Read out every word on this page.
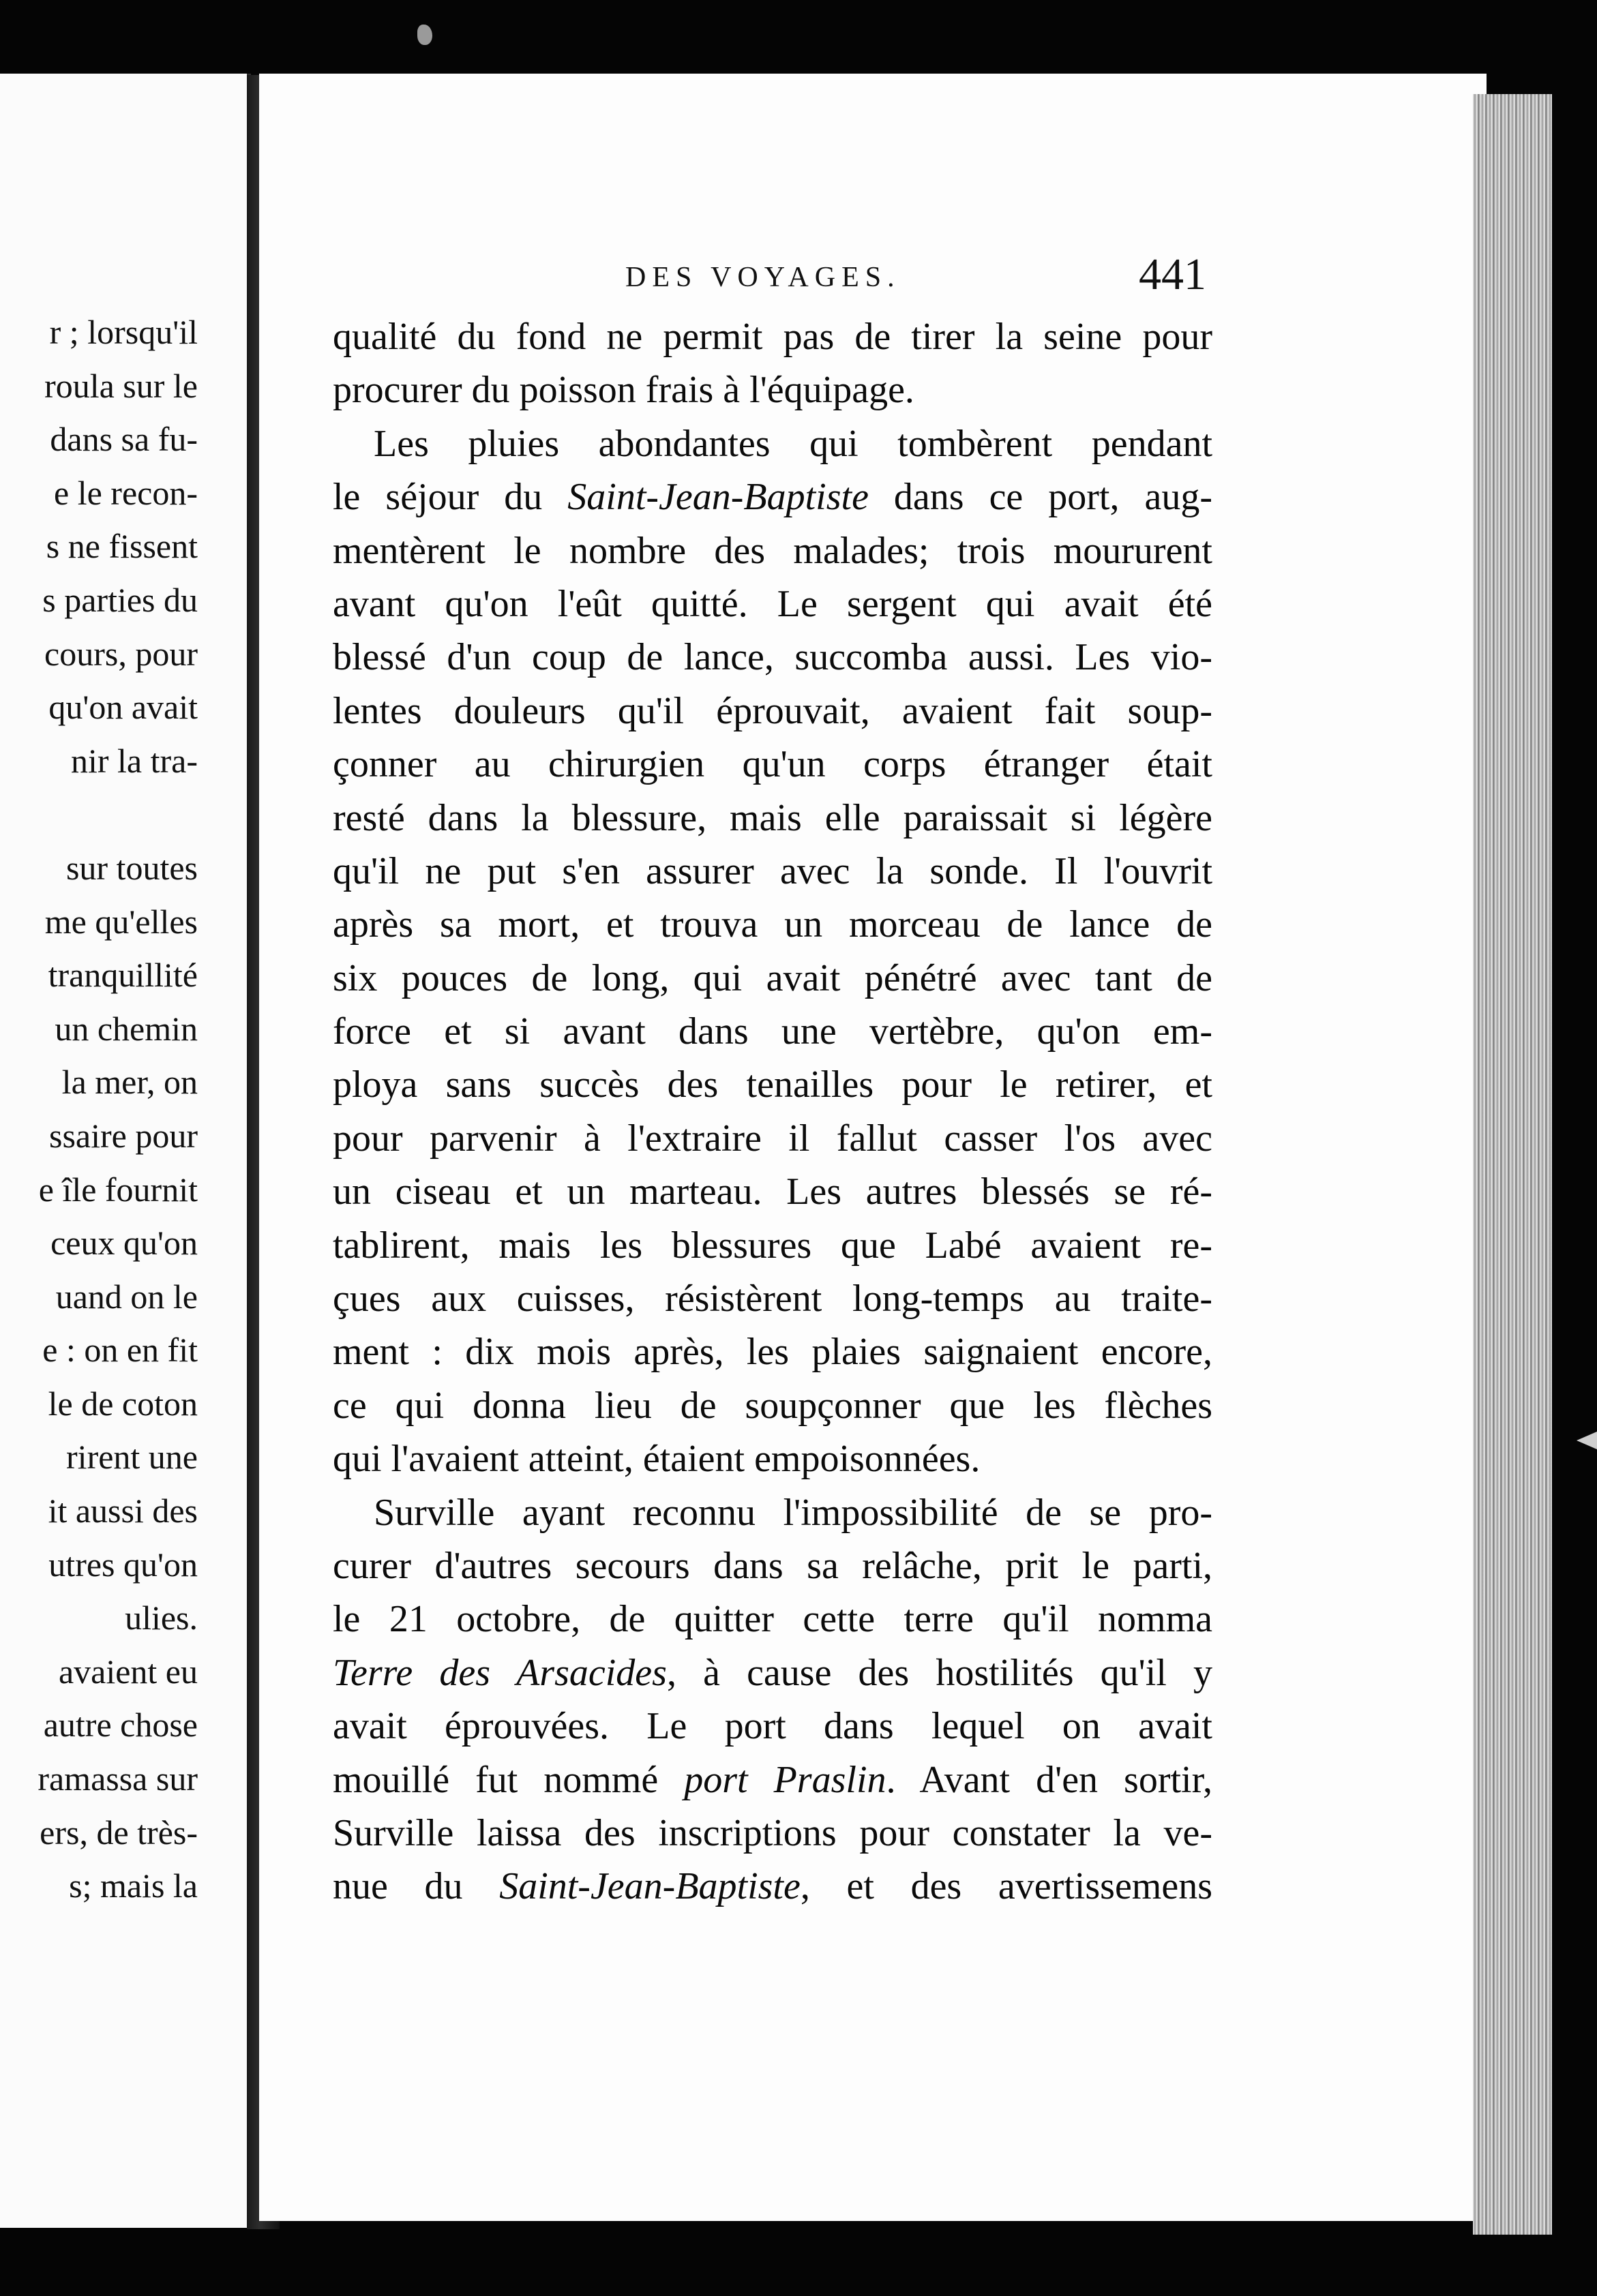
r ; lorsqu'il
roula sur le
dans sa fu-
e le recon-
s ne fissent
s parties du
cours, pour
qu'on avait
nir la tra-
sur toutes
me qu'elles
tranquillité
un chemin
la mer, on
ssaire pour
e île fournit
ceux qu'on
uand on le
e : on en fit
le de coton
rirent une
it aussi des
utres qu'on
ulies.
avaient eu
autre chose
ramassa sur
ers, de très-
s; mais la
DES VOYAGES.	441
qualité du fond ne permit pas de tirer la seine pour
procurer du poisson frais à l'équipage.
Les pluies abondantes qui tombèrent pendant
le séjour du Saint-Jean-Baptiste dans ce port, aug-
mentèrent le nombre des malades; trois moururent
avant qu'on l'eût quitté. Le sergent qui avait été
blessé d'un coup de lance, succomba aussi. Les vio-
lentes douleurs qu'il éprouvait, avaient fait soup-
çonner au chirurgien qu'un corps étranger était
resté dans la blessure, mais elle paraissait si légère
qu'il ne put s'en assurer avec la sonde. Il l'ouvrit
après sa mort, et trouva un morceau de lance de
six pouces de long, qui avait pénétré avec tant de
force et si avant dans une vertèbre, qu'on em-
ploya sans succès des tenailles pour le retirer, et
pour parvenir à l'extraire il fallut casser l'os avec
un ciseau et un marteau. Les autres blessés se ré-
tablirent, mais les blessures que Labé avaient re-
çues aux cuisses, résistèrent long-temps au traite-
ment : dix mois après, les plaies saignaient encore,
ce qui donna lieu de soupçonner que les flèches
qui l'avaient atteint, étaient empoisonnées.
Surville ayant reconnu l'impossibilité de se pro-
curer d'autres secours dans sa relâche, prit le parti,
le 21 octobre, de quitter cette terre qu'il nomma
Terre des Arsacides, à cause des hostilités qu'il y
avait éprouvées. Le port dans lequel on avait
mouillé fut nommé port Praslin. Avant d'en sortir,
Surville laissa des inscriptions pour constater la ve-
nue du Saint-Jean-Baptiste, et des avertissemens
